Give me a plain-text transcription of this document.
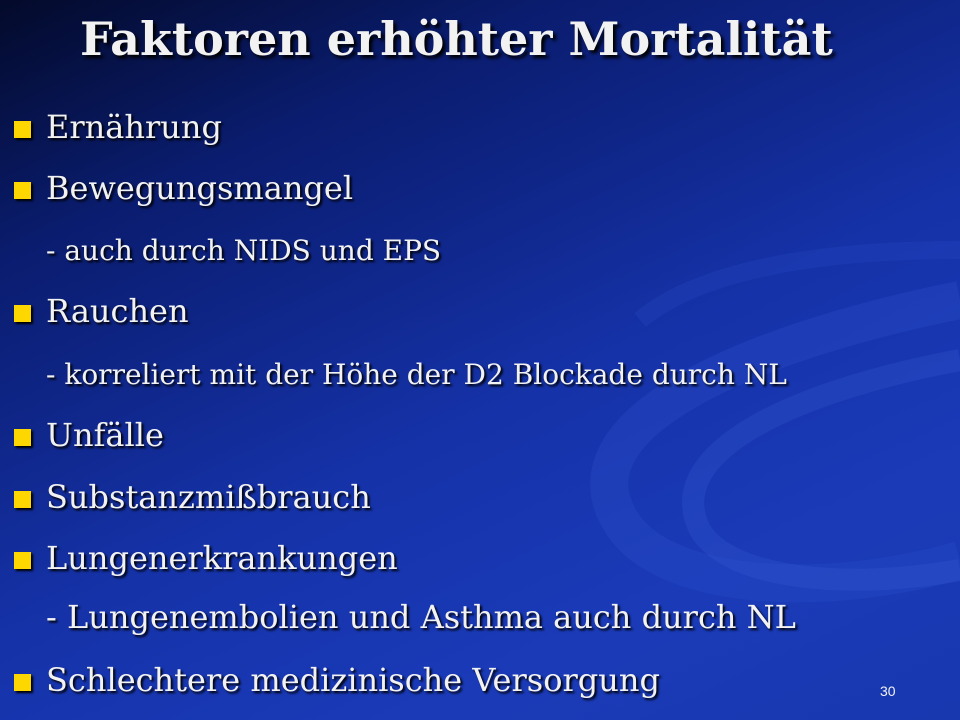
Faktoren erhöhter Mortalität
Ernährung
Bewegungsmangel
- auch durch NIDS und EPS
Rauchen
- korreliert mit der Höhe der D2 Blockade durch NL
Unfälle
Substanzmißbrauch
Lungenerkrankungen
- Lungenembolien und Asthma auch durch NL
Schlechtere medizinische Versorgung	30
